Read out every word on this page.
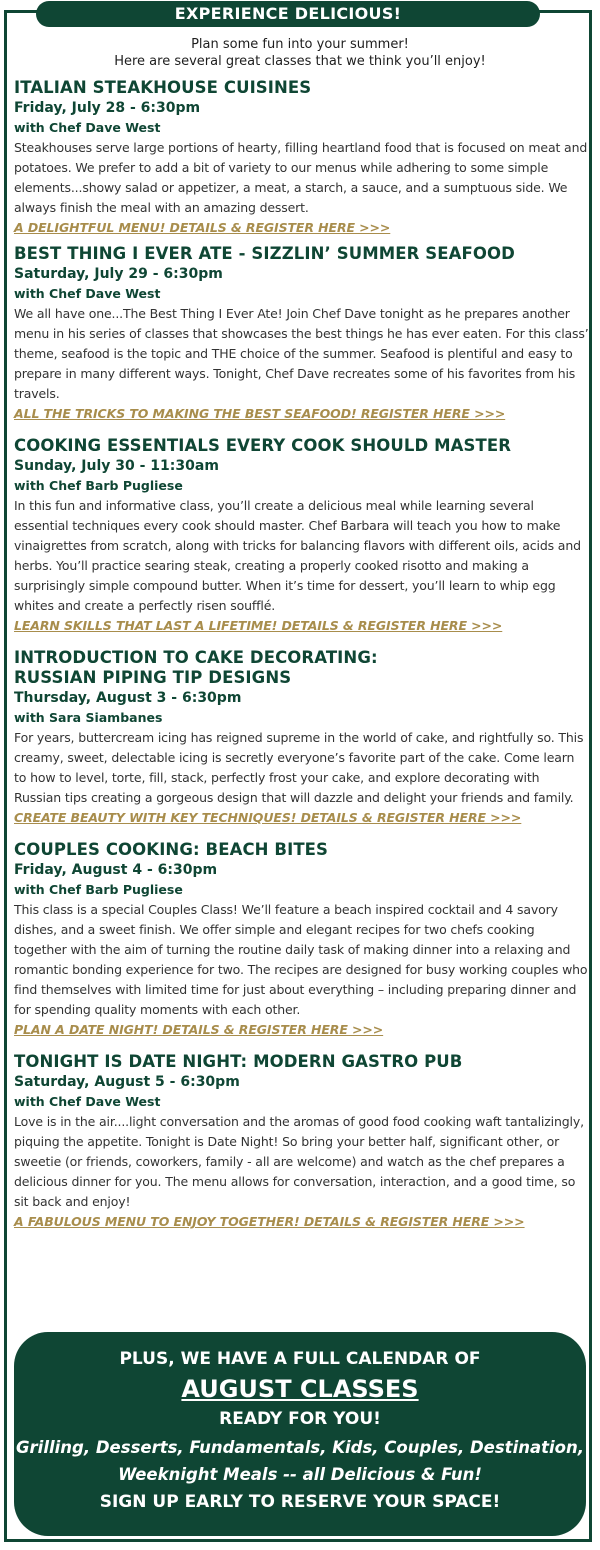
EXPERIENCE DELICIOUS!
Plan some fun into your summer!
Here are several great classes that we think you’ll enjoy!
ITALIAN STEAKHOUSE CUISINES
Friday, July 28 - 6:30pm
with Chef Dave West
Steakhouses serve large portions of hearty, filling heartland food that is focused on meat and potatoes. We prefer to add a bit of variety to our menus while adhering to some simple elements...showy salad or appetizer, a meat, a starch, a sauce, and a sumptuous side. We always finish the meal with an amazing dessert.
A DELIGHTFUL MENU! DETAILS & REGISTER HERE >>>
BEST THING I EVER ATE - SIZZLIN’ SUMMER SEAFOOD
Saturday, July 29 - 6:30pm
with Chef Dave West
We all have one...The Best Thing I Ever Ate! Join Chef Dave tonight as he prepares another menu in his series of classes that showcases the best things he has ever eaten. For this class’ theme, seafood is the topic and THE choice of the summer. Seafood is plentiful and easy to prepare in many different ways. Tonight, Chef Dave recreates some of his favorites from his travels.
ALL THE TRICKS TO MAKING THE BEST SEAFOOD! REGISTER HERE >>>
COOKING ESSENTIALS EVERY COOK SHOULD MASTER
Sunday, July 30 - 11:30am
with Chef Barb Pugliese
In this fun and informative class, you’ll create a delicious meal while learning several essential techniques every cook should master. Chef Barbara will teach you how to make vinaigrettes from scratch, along with tricks for balancing flavors with different oils, acids and herbs. You’ll practice searing steak, creating a properly cooked risotto and making a surprisingly simple compound butter. When it’s time for dessert, you’ll learn to whip egg whites and create a perfectly risen soufflé.
LEARN SKILLS THAT LAST A LIFETIME! DETAILS & REGISTER HERE >>>
INTRODUCTION TO CAKE DECORATING:
RUSSIAN PIPING TIP DESIGNS
Thursday, August 3 - 6:30pm
with Sara Siambanes
For years, buttercream icing has reigned supreme in the world of cake, and rightfully so. This creamy, sweet, delectable icing is secretly everyone’s favorite part of the cake. Come learn to how to level, torte, fill, stack, perfectly frost your cake, and explore decorating with Russian tips creating a gorgeous design that will dazzle and delight your friends and family.
CREATE BEAUTY WITH KEY TECHNIQUES! DETAILS & REGISTER HERE >>>
COUPLES COOKING: BEACH BITES
Friday, August 4 - 6:30pm
with Chef Barb Pugliese
This class is a special Couples Class! We’ll feature a beach inspired cocktail and 4 savory dishes, and a sweet finish. We offer simple and elegant recipes for two chefs cooking together with the aim of turning the routine daily task of making dinner into a relaxing and romantic bonding experience for two. The recipes are designed for busy working couples who find themselves with limited time for just about everything – including preparing dinner and for spending quality moments with each other.
PLAN A DATE NIGHT! DETAILS & REGISTER HERE >>>
TONIGHT IS DATE NIGHT: MODERN GASTRO PUB
Saturday, August 5 - 6:30pm
with Chef Dave West
Love is in the air....light conversation and the aromas of good food cooking waft tantalizingly, piquing the appetite. Tonight is Date Night! So bring your better half, significant other, or sweetie (or friends, coworkers, family - all are welcome) and watch as the chef prepares a delicious dinner for you. The menu allows for conversation, interaction, and a good time, so sit back and enjoy!
A FABULOUS MENU TO ENJOY TOGETHER! DETAILS & REGISTER HERE >>>
PLUS, WE HAVE A FULL CALENDAR OF
AUGUST CLASSES
READY FOR YOU!
Grilling, Desserts, Fundamentals, Kids, Couples, Destination, Weeknight Meals -- all Delicious & Fun!
SIGN UP EARLY TO RESERVE YOUR SPACE!
